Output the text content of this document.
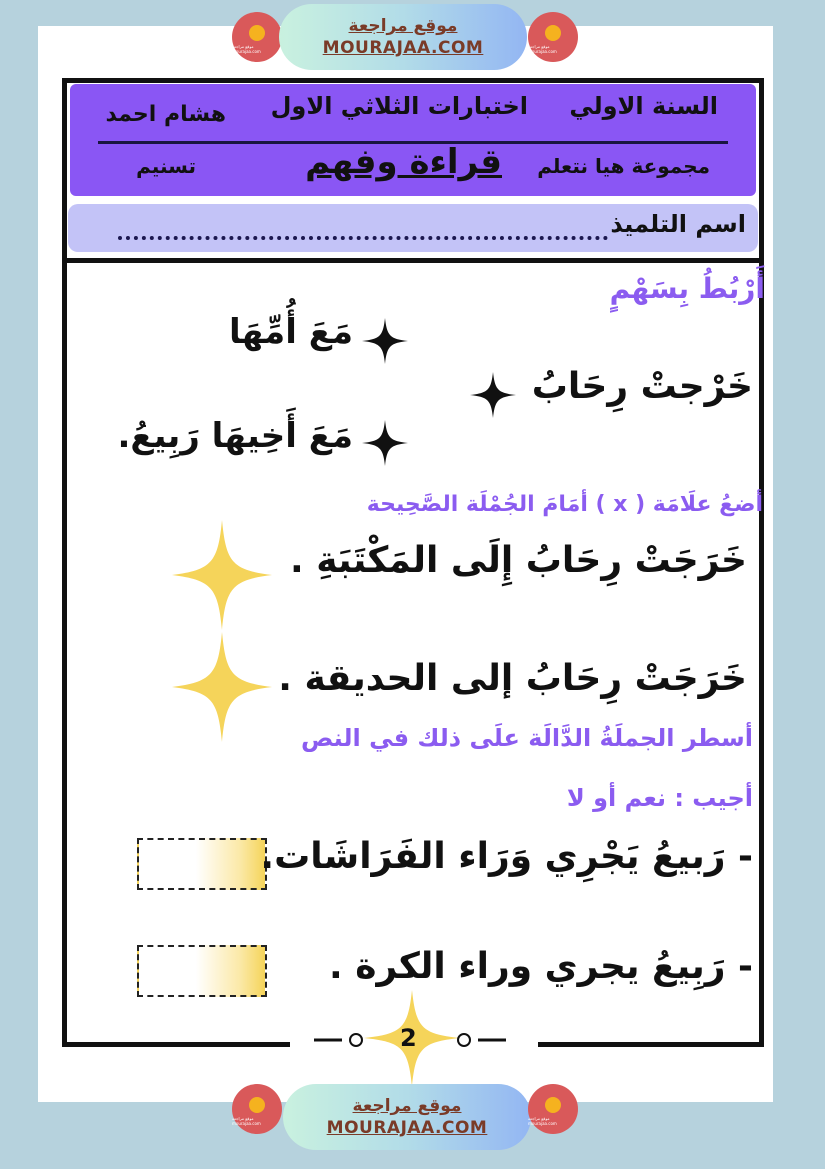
موقع مراجعة mourajaa.com
موقع مراجعة
MOURAJAA.COM	موقع مراجعة mourajaa.com
السنة الاولي
اختبارات الثلاثي الاول
هشام احمد
مجموعة هيا نتعلم
قراءة وفهم
تسنيم
اسم التلميذ
أَرْبُطُ بِسَهْمٍ
مَعَ أُمِّهَا
خَرْجتْ رِحَابُ
مَعَ أَخِيهَا رَبِيعُ.
أضعُ علَامَة ( x ) أمَامَ الجُمْلَة الصَّحِيحة
خَرَجَتْ رِحَابُ إِلَى المَكْتَبَةِ .
خَرَجَتْ رِحَابُ إلى الحديقة .
أسطر الجملَةُ الدَّالَة علَى ذلك في النص
أجيب : نعم أو لا
- رَبيعُ يَجْرِي وَرَاء الفَرَاشَات.
- رَبِيعُ يجري وراء الكرة .
2
موقع مراجعة mourajaa.com
موقع مراجعة
MOURAJAA.COM	موقع مراجعة mourajaa.com
